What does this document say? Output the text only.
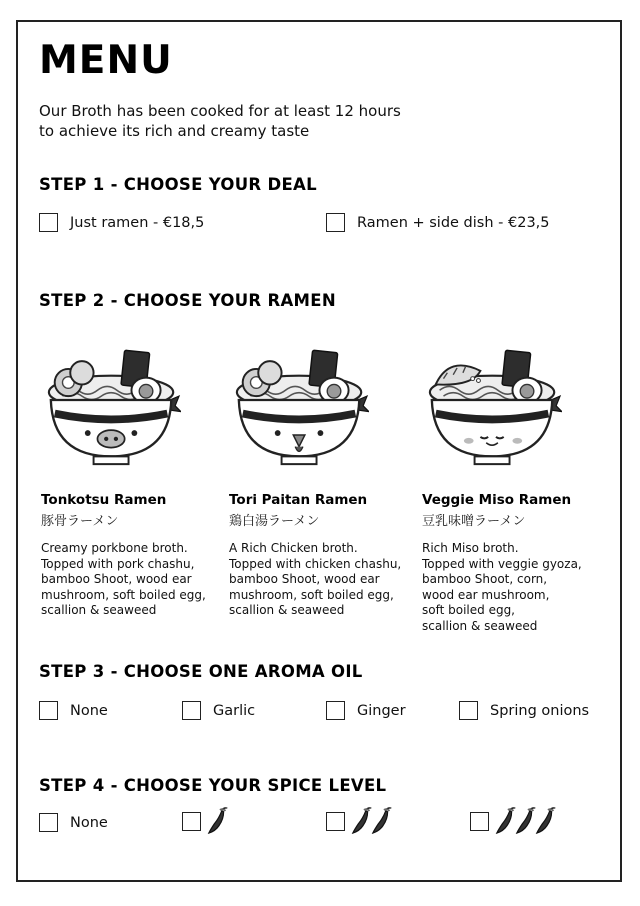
MENU
Our Broth has been cooked for at least 12 hours
to achieve its rich and creamy taste
STEP 1 - CHOOSE YOUR DEAL
Just ramen - €18,5	Ramen + side dish - €23,5
STEP 2 - CHOOSE YOUR RAMEN
Tonkotsu Ramen
豚骨ラーメン
Creamy porkbone broth.
Topped with pork chashu,
bamboo Shoot, wood ear
mushroom, soft boiled egg,
scallion & seaweed
Tori Paitan Ramen
鶏白湯ラーメン
A Rich Chicken broth.
Topped with chicken chashu,
bamboo Shoot, wood ear
mushroom, soft boiled egg,
scallion & seaweed
Veggie Miso Ramen
豆乳味噌ラーメン
Rich Miso broth.
Topped with veggie gyoza,
bamboo Shoot, corn,
wood ear mushroom,
soft boiled egg,
scallion & seaweed
STEP 3 - CHOOSE ONE AROMA OIL
None	Garlic	Ginger	Spring onions
STEP 4 - CHOOSE YOUR SPICE LEVEL
None
